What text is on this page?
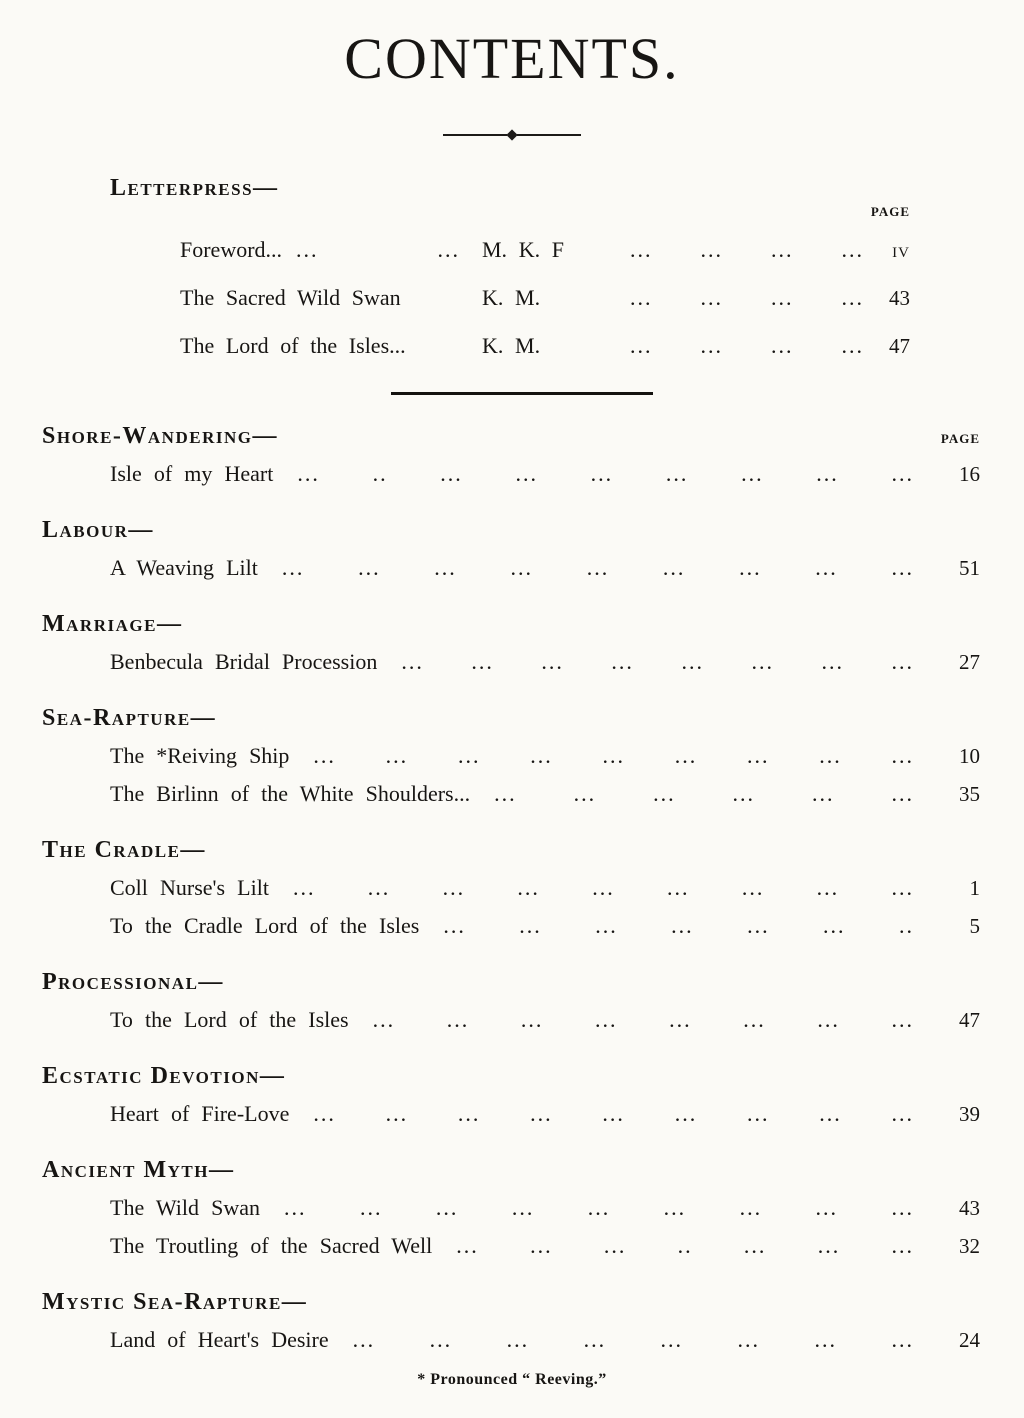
CONTENTS.
Letterpress—
PAGE
Foreword... ... ... M. K. F	... ... ... ...	iv
The Sacred Wild Swan	K. M.	... ... ... ...	43
The Lord of the Isles...	K. M.	... ... ... ...	47
Shore-Wandering—	PAGE
Isle of my Heart ... .. ... ... ... ... ... ... ...	16
Labour—
A Weaving Lilt ... ... ... ... ... ... ... ... ...	51
Marriage—
Benbecula Bridal Procession ... ... ... ... ... ... ... ...	27
Sea-Rapture—
The *Reiving Ship ... ... ... ... ... ... ... ... ...	10
The Birlinn of the White Shoulders... ... ... ... ... ... ...	35
The Cradle—
Coll Nurse's Lilt ... ... ... ... ... ... ... ... ...	1
To the Cradle Lord of the Isles ... ... ... ... ... ... ..	5
Processional—
To the Lord of the Isles ... ... ... ... ... ... ... ...	47
Ecstatic Devotion—
Heart of Fire-Love ... ... ... ... ... ... ... ... ...	39
Ancient Myth—
The Wild Swan ... ... ... ... ... ... ... ... ...	43
The Troutling of the Sacred Well ... ... ... .. ... ... ...	32
Mystic Sea-Rapture—
Land of Heart's Desire ... ... ... ... ... ... ... ...	24
* Pronounced “ Reeving.”
